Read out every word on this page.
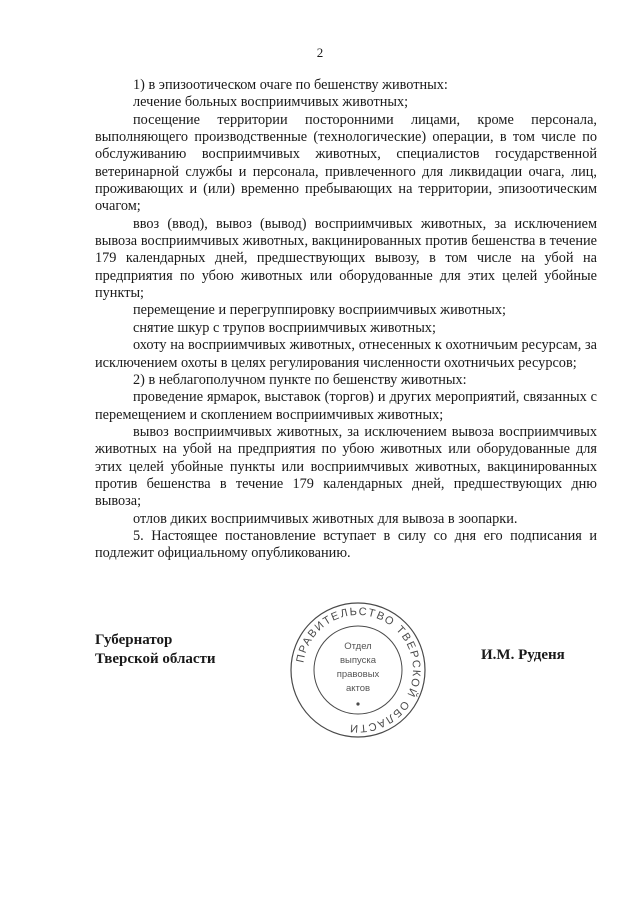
2

1) в эпизоотическом очаге по бешенству животных:

лечение больных восприимчивых животных;

посещение территории посторонними лицами, кроме персонала, выполняющего производственные (технологические) операции, в том числе по обслуживанию восприимчивых животных, специалистов государственной ветеринарной службы и персонала, привлеченного для ликвидации очага, лиц, проживающих и (или) временно пребывающих на территории, эпизоотическим очагом;

ввоз (ввод), вывоз (вывод) восприимчивых животных, за исключением вывоза восприимчивых животных, вакцинированных против бешенства в течение 179 календарных дней, предшествующих вывозу, в том числе на убой на предприятия по убою животных или оборудованные для этих целей убойные пункты;

перемещение и перегруппировку восприимчивых животных;

снятие шкур с трупов восприимчивых животных;

охоту на восприимчивых животных, отнесенных к охотничьим ресурсам, за исключением охоты в целях регулирования численности охотничьих ресурсов;

2) в неблагополучном пункте по бешенству животных:

проведение ярмарок, выставок (торгов) и других мероприятий, связанных с перемещением и скоплением восприимчивых животных;

вывоз восприимчивых животных, за исключением вывоза восприимчивых животных на убой на предприятия по убою животных или оборудованные для этих целей убойные пункты или восприимчивых животных, вакцинированных против бешенства в течение 179 календарных дней, предшествующих дню вывоза;

отлов диких восприимчивых животных для вывоза в зоопарки.

5. Настоящее постановление вступает в силу со дня его подписания и подлежит официальному опубликованию.

Губернатор
Тверской области	ПРАВИТЕЛЬСТВО ТВЕРСКОЙ ОБЛАСТИ
Отдел
выпуска
правовых
актов
И.М. Руденя
